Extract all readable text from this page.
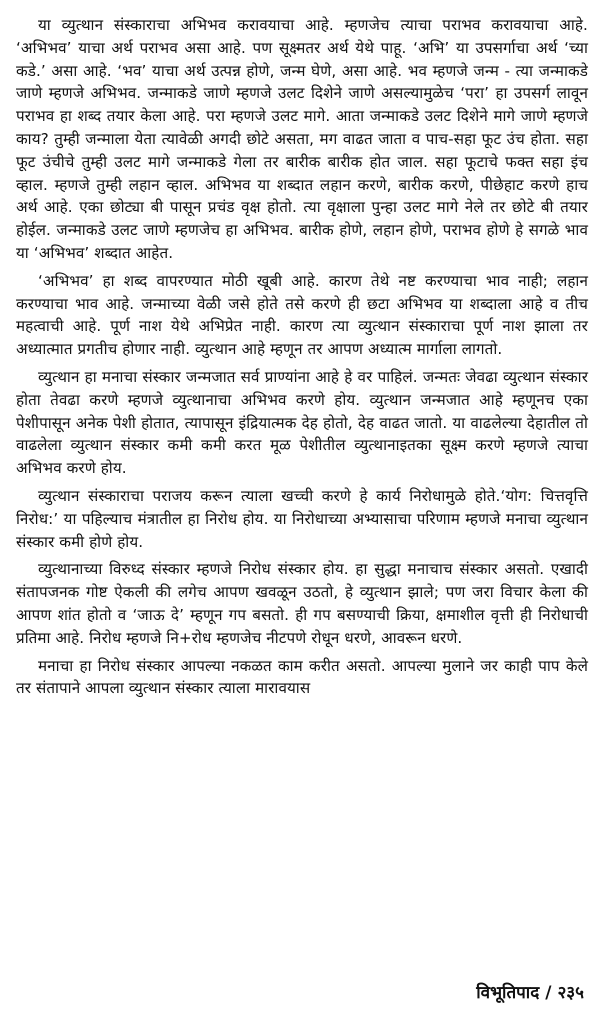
या व्युत्थान संस्काराचा अभिभव करावयाचा आहे. म्हणजेच त्याचा पराभव करावयाचा आहे. ‘अभिभव’ याचा अर्थ पराभव असा आहे. पण सूक्ष्मतर अर्थ येथे पाहू. ‘अभि’ या उपसर्गाचा अर्थ ‘च्या कडे.’ असा आहे. ‘भव’ याचा अर्थ उत्पन्न होणे, जन्म घेणे, असा आहे. भव म्हणजे जन्म - त्या जन्माकडे जाणे म्हणजे अभिभव. जन्माकडे जाणे म्हणजे उलट दिशेने जाणे असल्यामुळेच ‘परा’ हा उपसर्ग लावून पराभव हा शब्द तयार केला आहे. परा म्हणजे उलट मागे. आता जन्माकडे उलट दिशेने मागे जाणे म्हणजे काय? तुम्ही जन्माला येता त्यावेळी अगदी छोटे असता, मग वाढत जाता व पाच-सहा फूट उंच होता. सहा फूट उंचीचे तुम्ही उलट मागे जन्माकडे गेला तर बारीक बारीक होत जाल. सहा फूटाचे फक्त सहा इंच व्हाल. म्हणजे तुम्ही लहान व्हाल. अभिभव या शब्दात लहान करणे, बारीक करणे, पीछेहाट करणे हाच अर्थ आहे. एका छोट्या बी पासून प्रचंड वृक्ष होतो. त्या वृक्षाला पुन्हा उलट मागे नेले तर छोटे बी तयार होईल. जन्माकडे उलट जाणे म्हणजेच हा अभिभव. बारीक होणे, लहान होणे, पराभव होणे हे सगळे भाव या ‘अभिभव’ शब्दात आहेत.

‘अभिभव’ हा शब्द वापरण्यात मोठी खूबी आहे. कारण तेथे नष्ट करण्याचा भाव नाही; लहान करण्याचा भाव आहे. जन्माच्या वेळी जसे होते तसे करणे ही छटा अभिभव या शब्दाला आहे व तीच महत्वाची आहे. पूर्ण नाश येथे अभिप्रेत नाही. कारण त्या व्युत्थान संस्काराचा पूर्ण नाश झाला तर अध्यात्मात प्रगतीच होणार नाही. व्युत्थान आहे म्हणून तर आपण अध्यात्म मार्गाला लागतो.

व्युत्थान हा मनाचा संस्कार जन्मजात सर्व प्राण्यांना आहे हे वर पाहिलं. जन्मतः जेवढा व्युत्थान संस्कार होता तेवढा करणे म्हणजे व्युत्थानाचा अभिभव करणे होय. व्युत्थान जन्मजात आहे म्हणूनच एका पेशीपासून अनेक पेशी होतात, त्यापासून इंद्रियात्मक देह होतो, देह वाढत जातो. या वाढलेल्या देहातील तो वाढलेला व्युत्थान संस्कार कमी कमी करत मूळ पेशीतील व्युत्थानाइतका सूक्ष्म करणे म्हणजे त्याचा अभिभव करणे होय.

व्युत्थान संस्काराचा पराजय करून त्याला खच्ची करणे हे कार्य निरोधामुळे होते.‘योग: चित्तवृत्ति निरोध:’ या पहिल्याच मंत्रातील हा निरोध होय. या निरोधाच्या अभ्यासाचा परिणाम म्हणजे मनाचा व्युत्थान संस्कार कमी होणे होय.

व्युत्थानाच्या विरुध्द संस्कार म्हणजे निरोध संस्कार होय. हा सुद्धा मनाचाच संस्कार असतो. एखादी संतापजनक गोष्ट ऐकली की लगेच आपण खवळून उठतो, हे व्युत्थान झाले; पण जरा विचार केला की आपण शांत होतो व ‘जाऊ दे’ म्हणून गप बसतो. ही गप बसण्याची क्रिया, क्षमाशील वृत्ती ही निरोधाची प्रतिमा आहे. निरोध म्हणजे नि+रोध म्हणजेच नीटपणे रोधून धरणे, आवरून धरणे.

मनाचा हा निरोध संस्कार आपल्या नकळत काम करीत असतो. आपल्या मुलाने जर काही पाप केले तर संतापाने आपला व्युत्थान संस्कार त्याला मारावयास

विभूतिपाद / २३५
